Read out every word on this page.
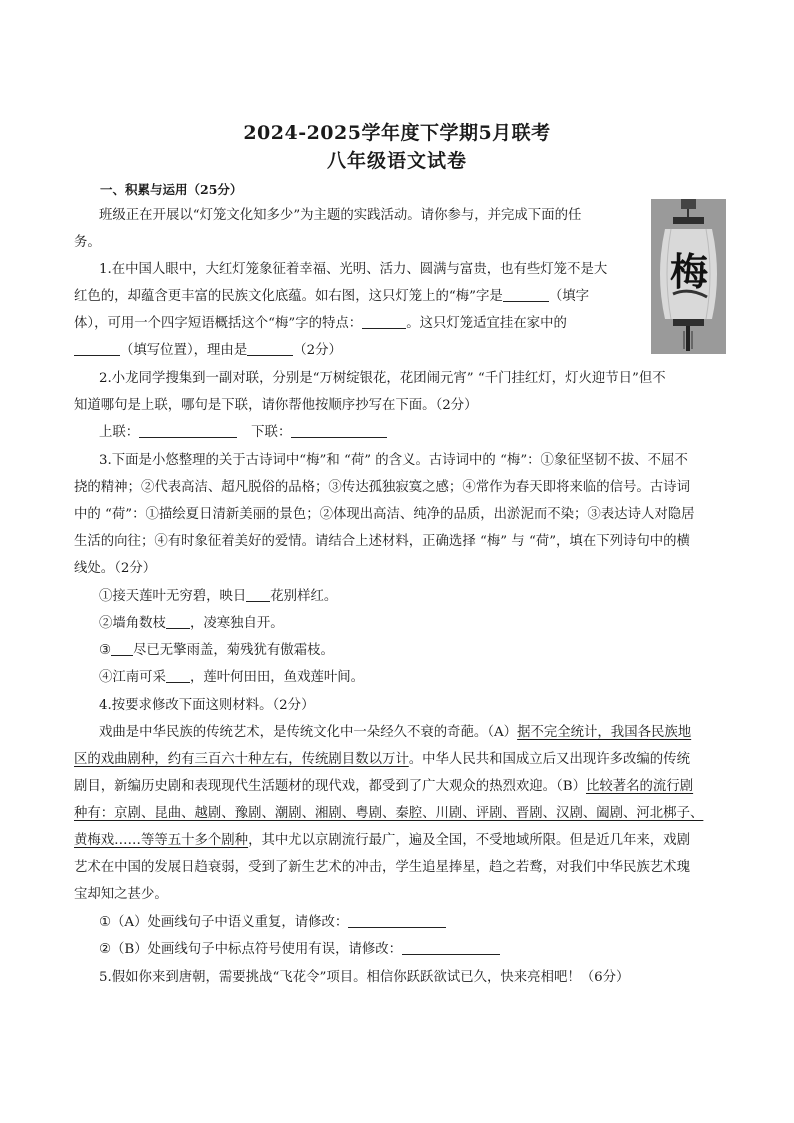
2024-2025学年度下学期5月联考
八年级语文试卷
一、积累与运用（25分）
班级正在开展以“灯笼文化知多少”为主题的实践活动。请你参与，并完成下面的任
务。
梅
1.在中国人眼中，大红灯笼象征着幸福、光明、活力、圆满与富贵，也有些灯笼不是大
红色的，却蕴含更丰富的民族文化底蕴。如右图，这只灯笼上的“梅”字是	（填字
体），可用一个四字短语概括这个“梅”字的特点：	。这只灯笼适宜挂在家中的
（填写位置），理由是	（2分）
2.小龙同学搜集到一副对联，分别是“万树绽银花，花团闹元宵” “千门挂红灯，灯火迎节日”但不
知道哪句是上联，哪句是下联，请你帮他按顺序抄写在下面。（2分）
上联：	下联：
3.下面是小悠整理的关于古诗词中“梅”和 “荷” 的含义。古诗词中的 “梅”：①象征坚韧不拔、不屈不
挠的精神；②代表高洁、超凡脱俗的品格；③传达孤独寂寞之感；④常作为春天即将来临的信号。古诗词
中的 “荷”：①描绘夏日清新美丽的景色；②体现出高洁、纯净的品质，出淤泥而不染；③表达诗人对隐居
生活的向往；④有时象征着美好的爱情。请结合上述材料，正确选择 “梅” 与 “荷”，填在下列诗句中的横
线处。（2分）
①接天莲叶无穷碧，映日 花别样红。
②墙角数枝 ，凌寒独自开。
③ 尽已无擎雨盖，菊残犹有傲霜枝。
④江南可采 ，莲叶何田田，鱼戏莲叶间。
4.按要求修改下面这则材料。（2分）
戏曲是中华民族的传统艺术，是传统文化中一朵经久不衰的奇葩。（A）据不完全统计，我国各民族地
区的戏曲剧种，约有三百六十种左右，传统剧目数以万计。中华人民共和国成立后又出现许多改编的传统
剧目，新编历史剧和表现现代生活题材的现代戏，都受到了广大观众的热烈欢迎。（B）比较著名的流行剧
种有：京剧、昆曲、越剧、豫剧、潮剧、湘剧、粤剧、秦腔、川剧、评剧、晋剧、汉剧、阖剧、河北梆子、
黄梅戏……等等五十多个剧种，其中尤以京剧流行最广，遍及全国，不受地域所限。但是近几年来，戏剧
艺术在中国的发展日趋衰弱，受到了新生艺术的冲击，学生追星捧星，趋之若鹜，对我们中华民族艺术瑰
宝却知之甚少。
①（A）处画线句子中语义重复，请修改：
②（B）处画线句子中标点符号使用有误，请修改：
5.假如你来到唐朝，需要挑战“飞花令”项目。相信你跃跃欲试已久，快来亮相吧！（6分）
